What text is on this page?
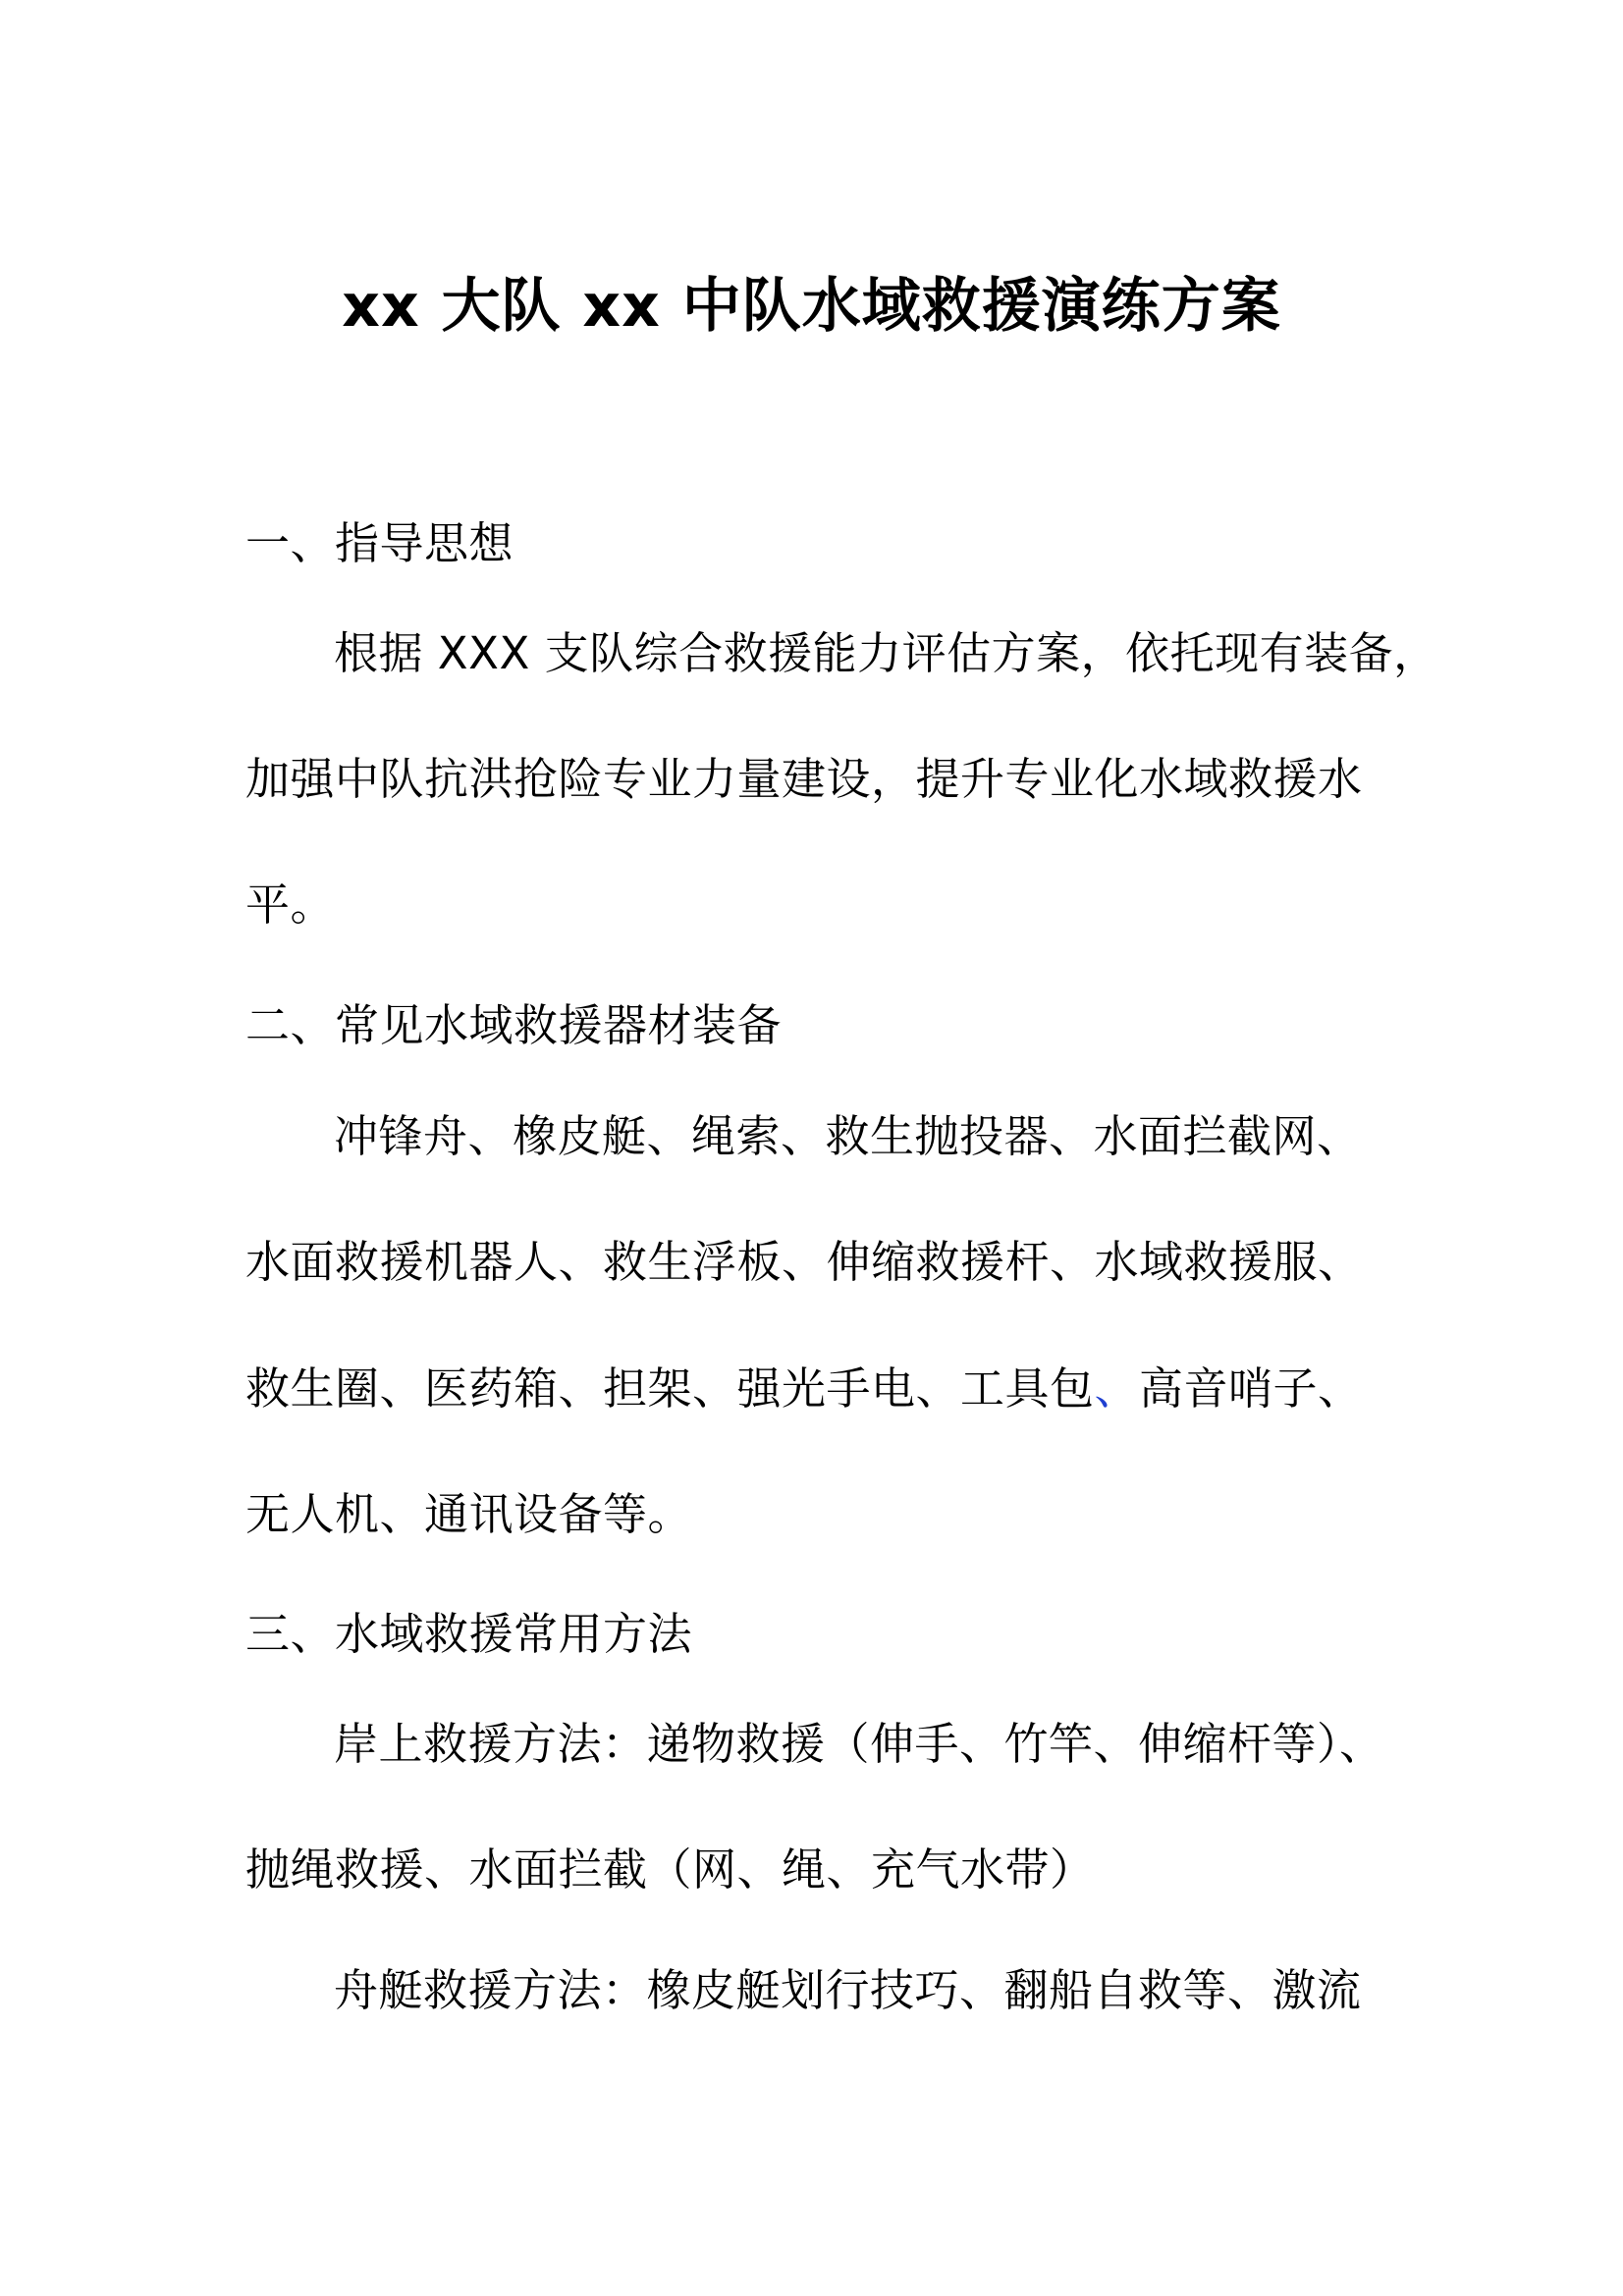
xx 大队 xx 中队水域救援演练方案
一、指导思想
根据 XXX 支队综合救援能力评估方案，依托现有装备，
加强中队抗洪抢险专业力量建设，提升专业化水域救援水
平。
二、常见水域救援器材装备
冲锋舟、橡皮艇、绳索、救生抛投器、水面拦截网、
水面救援机器人、救生浮板、伸缩救援杆、水域救援服、
救生圈、医药箱、担架、强光手电、工具包、高音哨子、
无人机、通讯设备等。
三、水域救援常用方法
岸上救援方法：递物救援（伸手、竹竿、伸缩杆等）、
抛绳救援、水面拦截（网、绳、充气水带）
舟艇救援方法：橡皮艇划行技巧、翻船自救等、激流
